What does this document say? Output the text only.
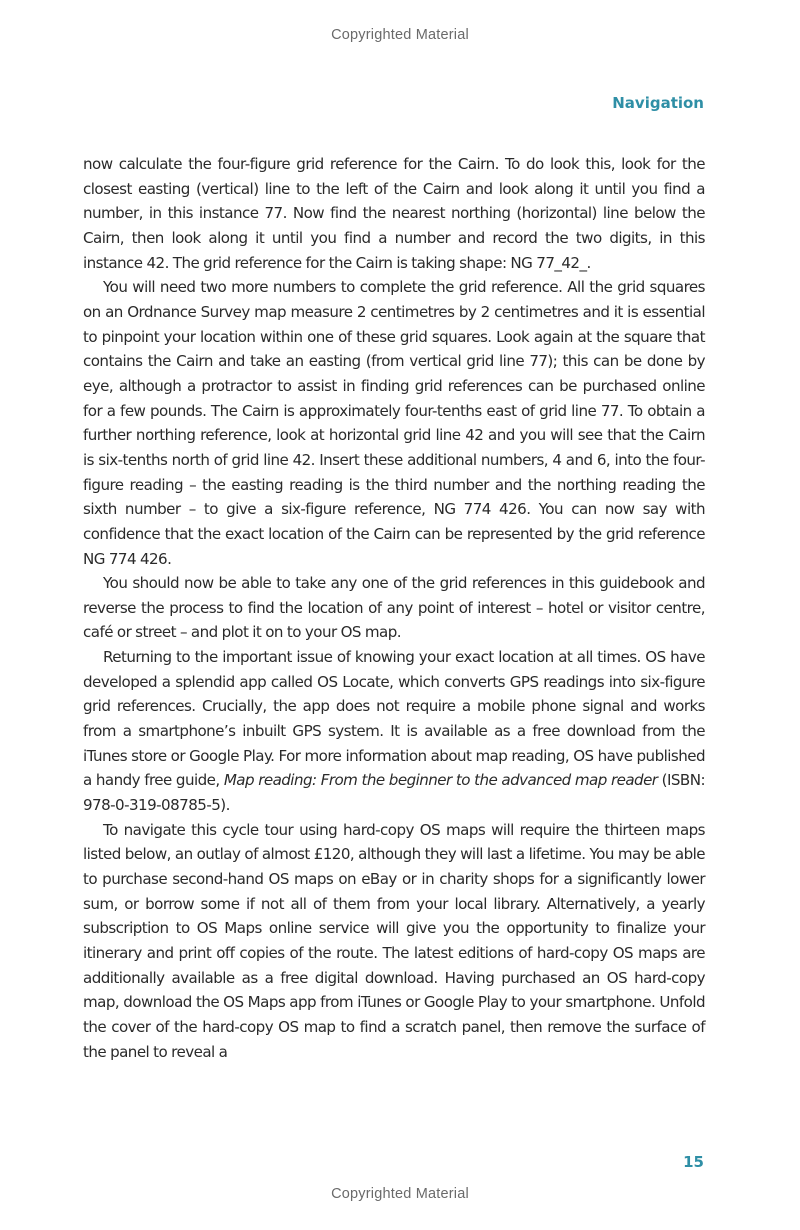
Copyrighted Material
Navigation

now calculate the four-figure grid reference for the Cairn. To do look this, look for the closest easting (vertical) line to the left of the Cairn and look along it until you find a number, in this instance 77. Now find the nearest northing (horizontal) line below the Cairn, then look along it until you find a number and record the two digits, in this instance 42. The grid reference for the Cairn is taking shape: NG 77_42_.

You will need two more numbers to complete the grid reference. All the grid squares on an Ordnance Survey map measure 2 centimetres by 2 centimetres and it is essential to pinpoint your location within one of these grid squares. Look again at the square that contains the Cairn and take an easting (from vertical grid line 77); this can be done by eye, although a protractor to assist in finding grid references can be purchased online for a few pounds. The Cairn is approximately four-tenths east of grid line 77. To obtain a further northing reference, look at horizontal grid line 42 and you will see that the Cairn is six-tenths north of grid line 42. Insert these additional numbers, 4 and 6, into the four-figure reading – the easting reading is the third number and the northing reading the sixth number – to give a six-figure reference, NG 774 426. You can now say with confidence that the exact location of the Cairn can be represented by the grid reference NG 774 426.

You should now be able to take any one of the grid references in this guidebook and reverse the process to find the location of any point of interest – hotel or visitor centre, café or street – and plot it on to your OS map.

Returning to the important issue of knowing your exact location at all times. OS have developed a splendid app called OS Locate, which converts GPS readings into six-figure grid references. Crucially, the app does not require a mobile phone signal and works from a smartphone’s inbuilt GPS system. It is available as a free download from the iTunes store or Google Play. For more information about map reading, OS have published a handy free guide, Map reading: From the beginner to the advanced map reader (ISBN: 978-0-319-08785-5).

To navigate this cycle tour using hard-copy OS maps will require the thirteen maps listed below, an outlay of almost £120, although they will last a lifetime. You may be able to purchase second-hand OS maps on eBay or in charity shops for a significantly lower sum, or borrow some if not all of them from your local library. Alternatively, a yearly subscription to OS Maps online service will give you the opportunity to finalize your itinerary and print off copies of the route. The latest editions of hard-copy OS maps are additionally available as a free digital download. Having purchased an OS hard-copy map, download the OS Maps app from iTunes or Google Play to your smartphone. Unfold the cover of the hard-copy OS map to find a scratch panel, then remove the surface of the panel to reveal a

15
Copyrighted Material
